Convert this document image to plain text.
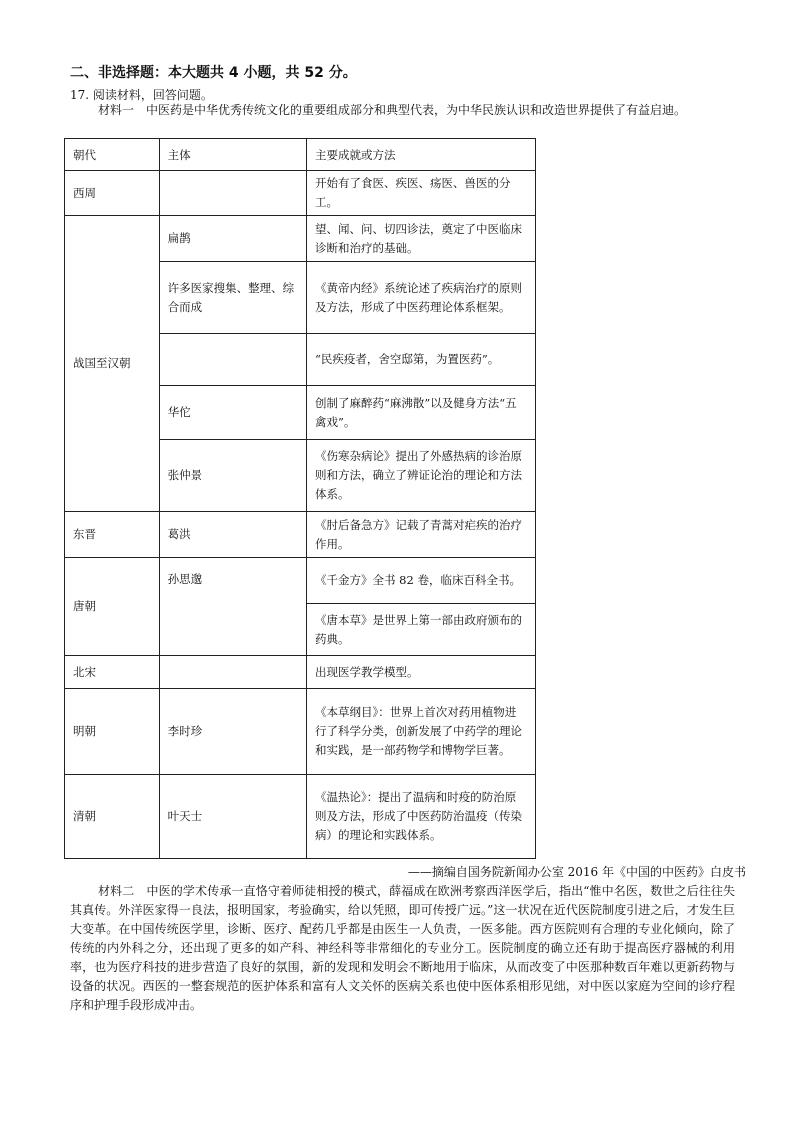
二、非选择题：本大题共 4 小题，共 52 分。
17. 阅读材料，回答问题。
材料一　中医药是中华优秀传统文化的重要组成部分和典型代表，为中华民族认识和改造世界提供了有益启迪。
朝代	主体	主要成就或方法

西周		开始有了食医、疾医、疡医、兽医的分工。

战国至汉朝	扁鹊	望、闻、问、切四诊法，奠定了中医临床诊断和治疗的基础。

	许多医家搜集、整理、综合而成	《黄帝内经》系统论述了疾病治疗的原则及方法，形成了中医药理论体系框架。

		“民疾疫者，舍空邸第，为置医药”。

	华佗	创制了麻醉药“麻沸散”以及健身方法“五禽戏”。

	张仲景	《伤寒杂病论》提出了外感热病的诊治原则和方法，确立了辨证论治的理论和方法体系。

东晋	葛洪	《肘后备急方》记载了青蒿对疟疾的治疗作用。

唐朝	孙思邈	《千金方》全书 82 卷，临床百科全书。

		《唐本草》是世界上第一部由政府颁布的药典。

北宋		出现医学教学模型。

明朝	李时珍	《本草纲目》：世界上首次对药用植物进行了科学分类，创新发展了中药学的理论和实践，是一部药物学和博物学巨著。

清朝	叶天士	《温热论》：提出了温病和时疫的防治原则及方法，形成了中医药防治温疫（传染病）的理论和实践体系。
——摘编自国务院新闻办公室 2016 年《中国的中医药》白皮书
材料二　中医的学术传承一直恪守着师徒相授的模式，薛福成在欧洲考察西洋医学后，指出“惟中名医，数世之后往往失其真传。外洋医家得一良法，报明国家，考验确实，给以凭照，即可传授广远。”这一状况在近代医院制度引进之后，才发生巨大变革。在中国传统医学里，诊断、医疗、配药几乎都是由医生一人负责，一医多能。西方医院则有合理的专业化倾向，除了传统的内外科之分，还出现了更多的如产科、神经科等非常细化的专业分工。医院制度的确立还有助于提高医疗器械的利用率，也为医疗科技的进步营造了良好的氛围，新的发现和发明会不断地用于临床，从而改变了中医那种数百年难以更新药物与设备的状况。西医的一整套规范的医护体系和富有人文关怀的医病关系也使中医体系相形见绌，对中医以家庭为空间的诊疗程序和护理手段形成冲击。
